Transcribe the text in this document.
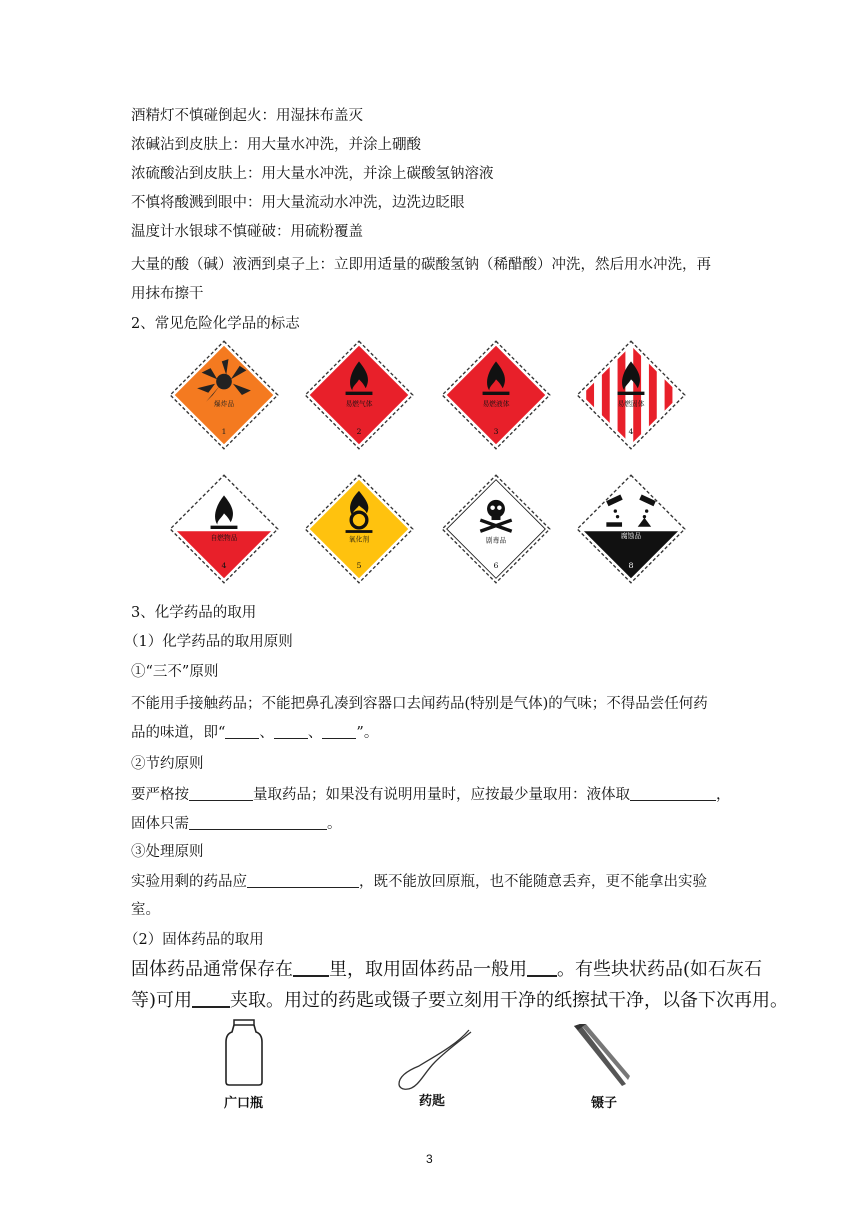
酒精灯不慎碰倒起火：用湿抹布盖灭
浓碱沾到皮肤上：用大量水冲洗，并涂上硼酸
浓硫酸沾到皮肤上：用大量水冲洗，并涂上碳酸氢钠溶液
不慎将酸溅到眼中：用大量流动水冲洗，边洗边眨眼
温度计水银球不慎碰破：用硫粉覆盖
大量的酸（碱）液洒到桌子上：立即用适量的碳酸氢钠（稀醋酸）冲洗，然后用水冲洗，再
用抹布擦干
2、常见危险化学品的标志
爆炸品
1
易燃气体
2
易燃液体
3
易燃固体
4
自燃物品
4
氧化剂
5
剧毒品
6
腐蚀品
8
3、化学药品的取用
（1）化学药品的取用原则
①“三不”原则
不能用手接触药品；不能把鼻孔凑到容器口去闻药品(特别是气体)的气味；不得品尝任何药
品的味道，即“ 、 、 ”。
②节约原则
要严格按	量取药品；如果没有说明用量时，应按最少量取用：液体取	，
固体只需	。
③处理原则
实验用剩的药品应	，既不能放回原瓶，也不能随意丢弃，更不能拿出实验
室。
（2）固体药品的取用
固体药品通常保存在 里，取用固体药品一般用 。有些块状药品(如石灰石
等)可用 夹取。用过的药匙或镊子要立刻用干净的纸擦拭干净，以备下次再用。
广口瓶	药匙	镊子
3
